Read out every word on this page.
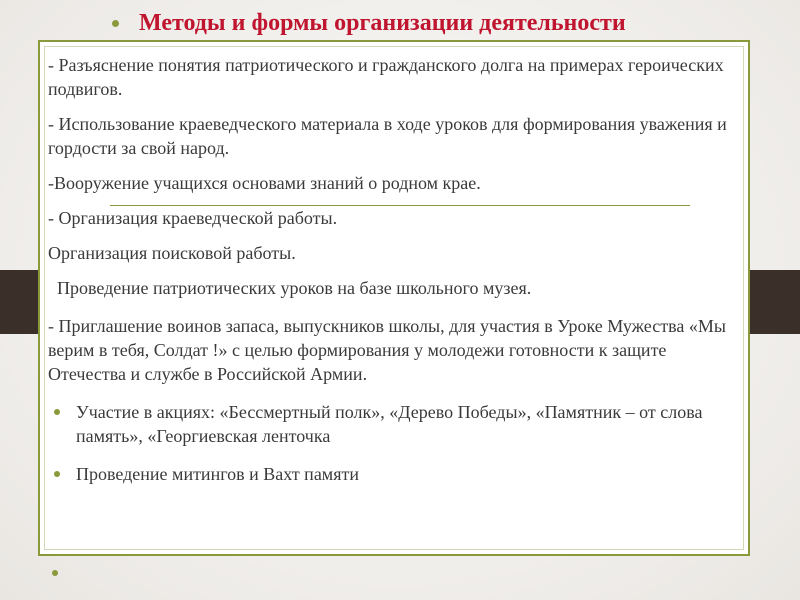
Методы и формы организации деятельности

- Разъяснение понятия патриотического и гражданского долга на примерах героических подвигов.

- Использование краеведческого материала в ходе уроков для формирования уважения и гордости за свой народ.

-Вооружение учащихся основами знаний о родном крае.

- Организация краеведческой работы.

Организация поисковой работы.

Проведение патриотических уроков на базе школьного музея.

- Приглашение воинов запаса, выпускников школы, для участия в Уроке Мужества «Мы верим в тебя, Солдат !» с целью формирования у молодежи готовности к защите Отечества и службе в Российской Армии.

Участие в акциях: «Бессмертный полк», «Дерево Победы», «Памятник – от слова память», «Георгиевская ленточка
Проведение митингов и Вахт памяти
